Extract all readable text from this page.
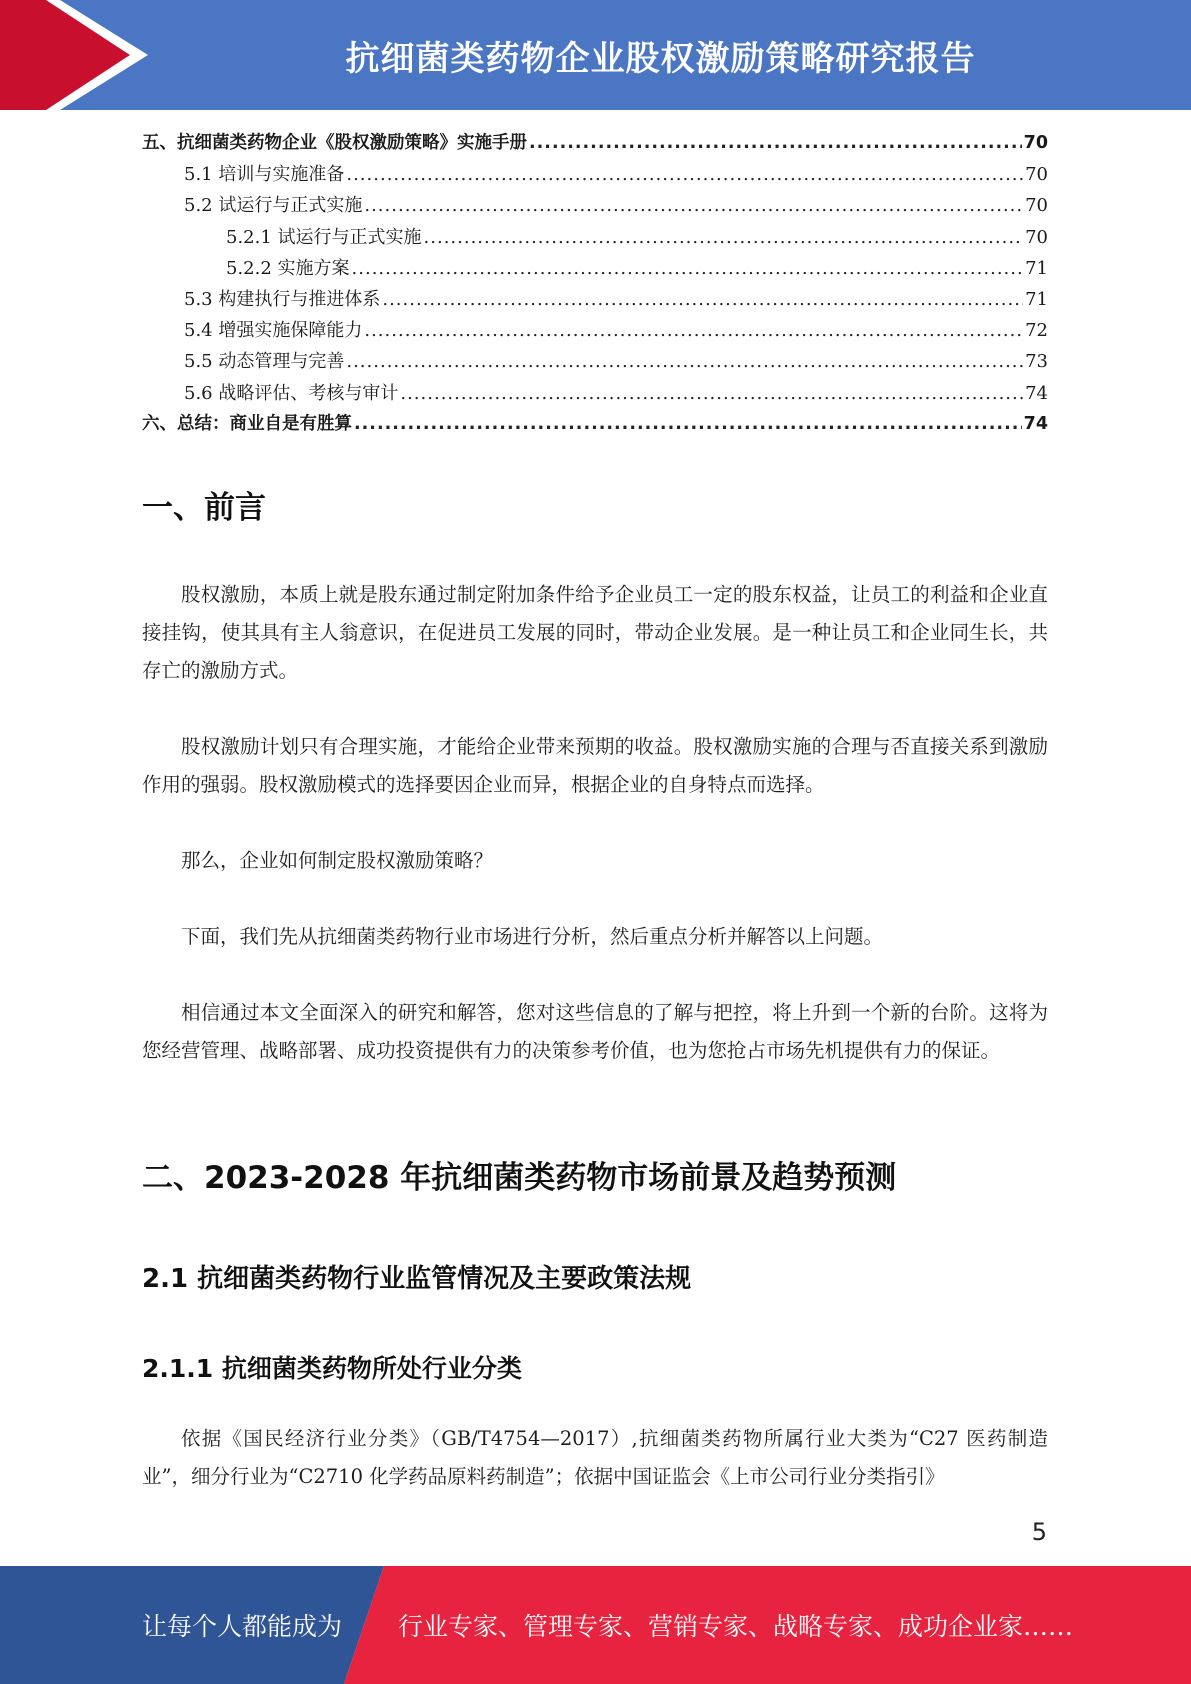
抗细菌类药物企业股权激励策略研究报告
五、抗细菌类药物企业《股权激励策略》实施手册 .....	70
5.1 培训与实施准备 .....	70
5.2 试运行与正式实施 .....	70
5.2.1 试运行与正式实施 .....	70
5.2.2 实施方案 .....	71
5.3 构建执行与推进体系 .....	71
5.4 增强实施保障能力 .....	72
5.5 动态管理与完善 .....	73
5.6 战略评估、考核与审计 .....	74
六、总结：商业自是有胜算 .....	74
一、前言

股权激励，本质上就是股东通过制定附加条件给予企业员工一定的股东权益，让员工的利益和企业直接挂钩，使其具有主人翁意识，在促进员工发展的同时，带动企业发展。是一种让员工和企业同生长，共存亡的激励方式。

股权激励计划只有合理实施，才能给企业带来预期的收益。股权激励实施的合理与否直接关系到激励作用的强弱。股权激励模式的选择要因企业而异，根据企业的自身特点而选择。

那么，企业如何制定股权激励策略？

下面，我们先从抗细菌类药物行业市场进行分析，然后重点分析并解答以上问题。

相信通过本文全面深入的研究和解答，您对这些信息的了解与把控，将上升到一个新的台阶。这将为您经营管理、战略部署、成功投资提供有力的决策参考价值，也为您抢占市场先机提供有力的保证。

二、2023-2028 年抗细菌类药物市场前景及趋势预测
2.1 抗细菌类药物行业监管情况及主要政策法规
2.1.1 抗细菌类药物所处行业分类

依据《国民经济行业分类》（GB/T4754—2017）,抗细菌类药物所属行业大类为“C27 医药制造业”，细分行业为“C2710 化学药品原料药制造”；依据中国证监会《上市公司行业分类指引》

5
让每个人都能成为 行业专家、管理专家、营销专家、战略专家、成功企业家……
